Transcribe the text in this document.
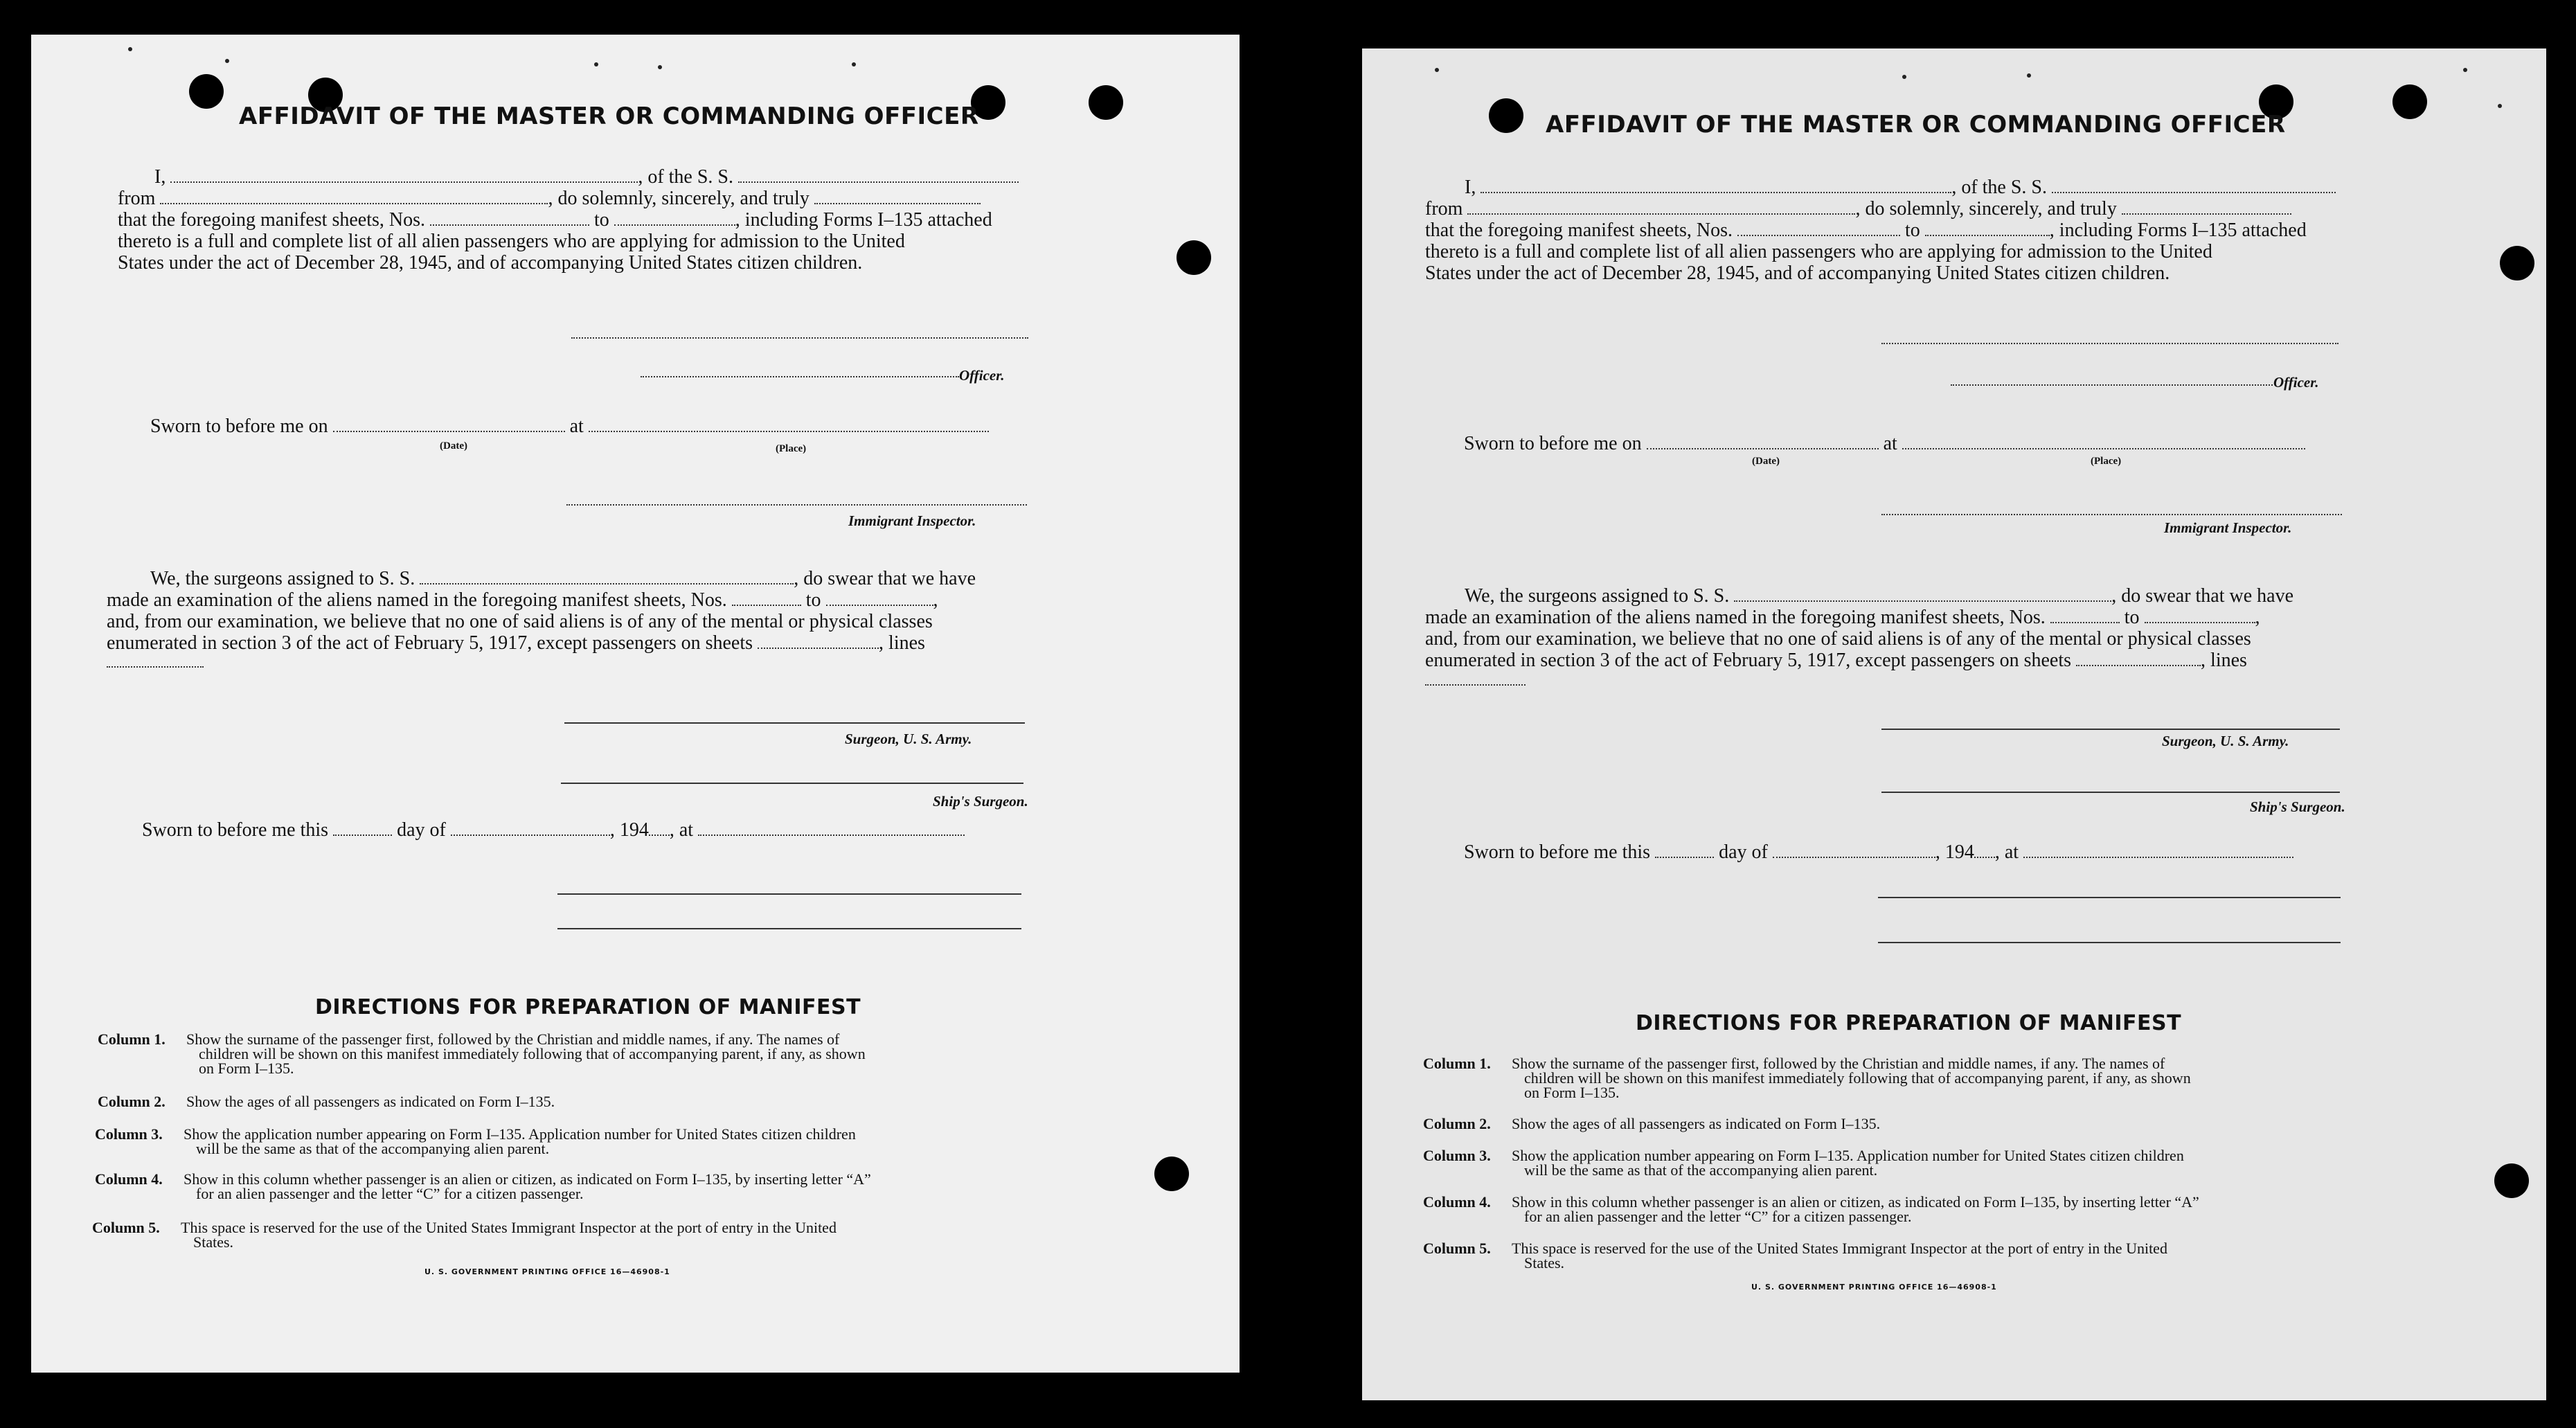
AFFIDAVIT OF THE MASTER OR COMMANDING OFFICER
I,	, of the S. S.
from	, do solemnly, sincerely, and truly
that the foregoing manifest sheets, Nos.	to	, including Forms I–135 attached
thereto is a full and complete list of all alien passengers who are applying for admission to the United
States under the act of December 28, 1945, and of accompanying United States citizen children.
Officer.
Sworn to before me on	at
(Date)	(Place)
Immigrant Inspector.
We, the surgeons assigned to S. S.	, do swear that we have
made an examination of the aliens named in the foregoing manifest sheets, Nos.	to	,
and, from our examination, we believe that no one of said aliens is of any of the mental or physical classes
enumerated in section 3 of the act of February 5, 1917, except passengers on sheets	, lines
Surgeon, U. S. Army.
Ship's Surgeon.
Sworn to before me this	day of	, 194 , at
DIRECTIONS FOR PREPARATION OF MANIFEST
Column 1. Show the surname of the passenger first, followed by the Christian and middle names, if any. The names of
children will be shown on this manifest immediately following that of accompanying parent, if any, as shown
on Form I–135.
Column 2. Show the ages of all passengers as indicated on Form I–135.
Column 3. Show the application number appearing on Form I–135. Application number for United States citizen children
will be the same as that of the accompanying alien parent.
Column 4. Show in this column whether passenger is an alien or citizen, as indicated on Form I–135, by inserting letter “A”
for an alien passenger and the letter “C” for a citizen passenger.
Column 5. This space is reserved for the use of the United States Immigrant Inspector at the port of entry in the United
States.
U. S. GOVERNMENT PRINTING OFFICE 16—46908-1
AFFIDAVIT OF THE MASTER OR COMMANDING OFFICER
I,	, of the S. S.
from	, do solemnly, sincerely, and truly
that the foregoing manifest sheets, Nos.	to	, including Forms I–135 attached
thereto is a full and complete list of all alien passengers who are applying for admission to the United
States under the act of December 28, 1945, and of accompanying United States citizen children.
Officer.
Sworn to before me on	at
(Date)	(Place)
Immigrant Inspector.
We, the surgeons assigned to S. S.	, do swear that we have
made an examination of the aliens named in the foregoing manifest sheets, Nos.	to	,
and, from our examination, we believe that no one of said aliens is of any of the mental or physical classes
enumerated in section 3 of the act of February 5, 1917, except passengers on sheets	, lines
Surgeon, U. S. Army.
Ship's Surgeon.
Sworn to before me this	day of	, 194 , at
DIRECTIONS FOR PREPARATION OF MANIFEST
Column 1. Show the surname of the passenger first, followed by the Christian and middle names, if any. The names of
children will be shown on this manifest immediately following that of accompanying parent, if any, as shown
on Form I–135.
Column 2. Show the ages of all passengers as indicated on Form I–135.
Column 3. Show the application number appearing on Form I–135. Application number for United States citizen children
will be the same as that of the accompanying alien parent.
Column 4. Show in this column whether passenger is an alien or citizen, as indicated on Form I–135, by inserting letter “A”
for an alien passenger and the letter “C” for a citizen passenger.
Column 5. This space is reserved for the use of the United States Immigrant Inspector at the port of entry in the United
States.
U. S. GOVERNMENT PRINTING OFFICE 16—46908-1
